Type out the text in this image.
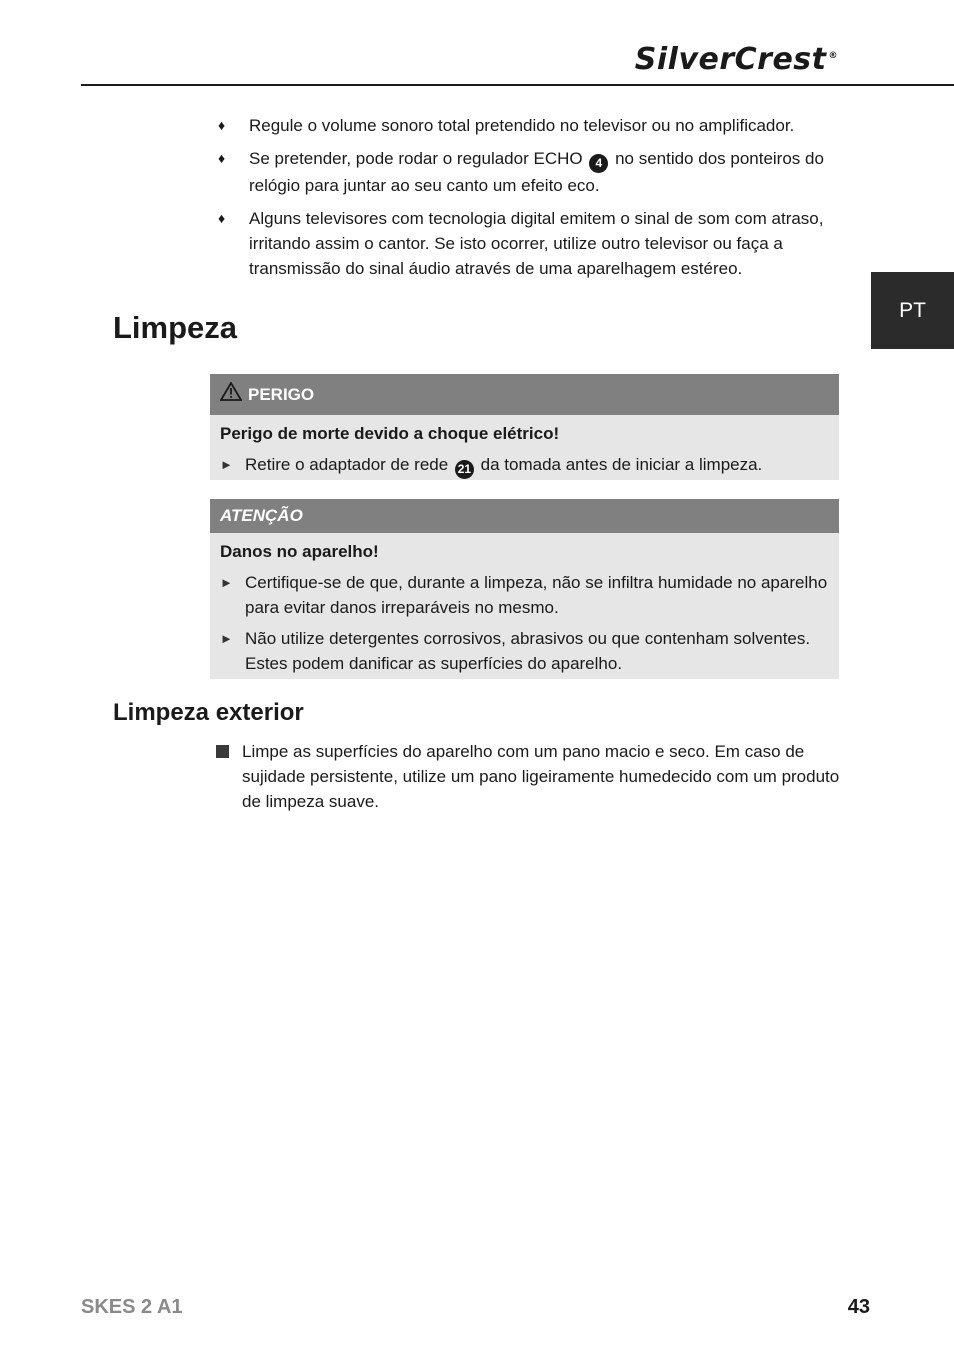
SilverCrest ®
PT
♦ Regule o volume sonoro total pretendido no televisor ou no amplificador.
♦ Se pretender, pode rodar o regulador ECHO 4 no sentido dos ponteiros do relógio para juntar ao seu canto um efeito eco.
♦ Alguns televisores com tecnologia digital emitem o sinal de som com atraso, irritando assim o cantor. Se isto ocorrer, utilize outro televisor ou faça a transmissão do sinal áudio através de uma aparelhagem estéreo.
Limpeza
PERIGO
Perigo de morte devido a choque elétrico!
► Retire o adaptador de rede 21 da tomada antes de iniciar a limpeza.
ATENÇÃO
Danos no aparelho!
► Certifique-se de que, durante a limpeza, não se infiltra humidade no aparelho para evitar danos irreparáveis no mesmo.
► Não utilize detergentes corrosivos, abrasivos ou que contenham solventes. Estes podem danificar as superfícies do aparelho.
Limpeza exterior
Limpe as superfícies do aparelho com um pano macio e seco. Em caso de sujidade persistente, utilize um pano ligeiramente humedecido com um produto de limpeza suave.
SKES 2 A1	43
